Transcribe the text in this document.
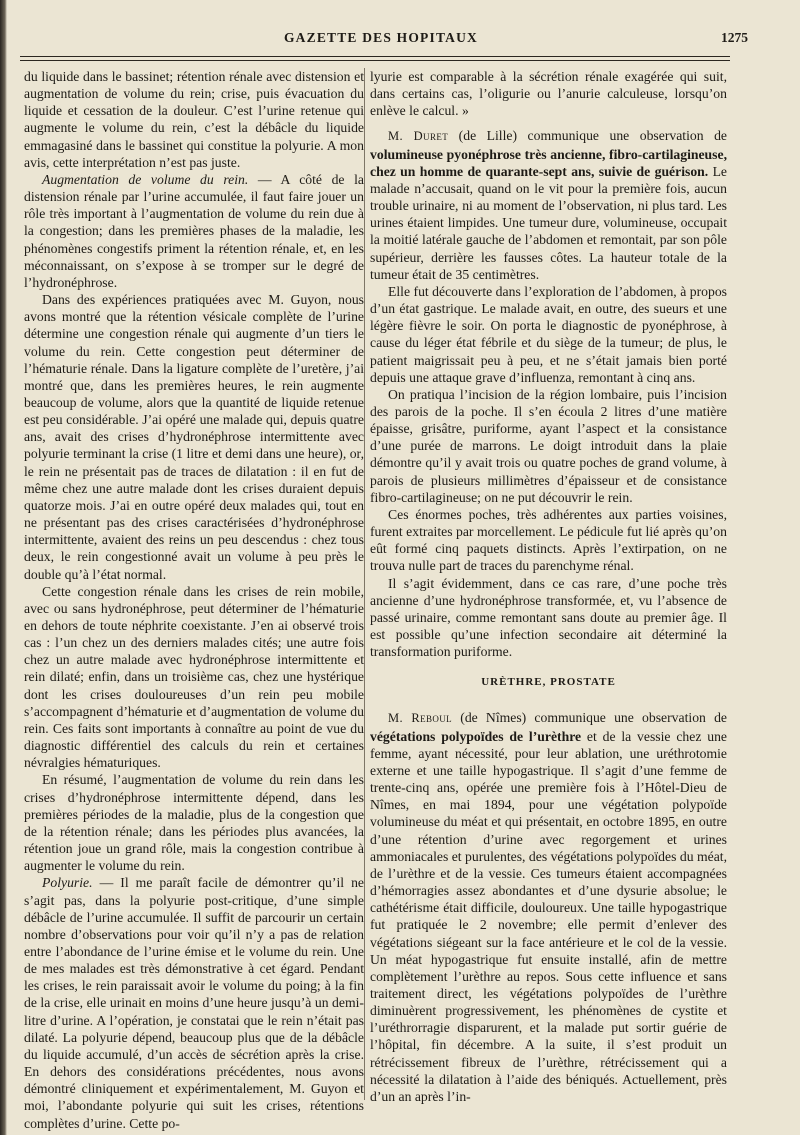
GAZETTE DES HOPITAUX	1275

du liquide dans le bassinet; rétention rénale avec distension et augmentation de volume du rein; crise, puis évacuation du liquide et cessation de la douleur. C’est l’urine retenue qui augmente le volume du rein, c’est la débâcle du liquide emmagasiné dans le bassinet qui constitue la polyurie. A mon avis, cette interprétation n’est pas juste.

Augmentation de volume du rein. — A côté de la distension rénale par l’urine accumulée, il faut faire jouer un rôle très important à l’augmentation de volume du rein due à la congestion; dans les premières phases de la maladie, les phénomènes congestifs priment la rétention rénale, et, en les méconnaissant, on s’expose à se tromper sur le degré de l’hydronéphrose.

Dans des expériences pratiquées avec M. Guyon, nous avons montré que la rétention vésicale complète de l’urine détermine une congestion rénale qui augmente d’un tiers le volume du rein. Cette congestion peut déterminer de l’hématurie rénale. Dans la ligature complète de l’uretère, j’ai montré que, dans les premières heures, le rein augmente beaucoup de volume, alors que la quantité de liquide retenue est peu considérable. J’ai opéré une malade qui, depuis quatre ans, avait des crises d’hydronéphrose intermittente avec polyurie terminant la crise (1 litre et demi dans une heure), or, le rein ne présentait pas de traces de dilatation : il en fut de même chez une autre malade dont les crises duraient depuis quatorze mois. J’ai en outre opéré deux malades qui, tout en ne présentant pas des crises caractérisées d’hydronéphrose intermittente, avaient des reins un peu descendus : chez tous deux, le rein congestionné avait un volume à peu près le double qu’à l’état normal.

Cette congestion rénale dans les crises de rein mobile, avec ou sans hydronéphrose, peut déterminer de l’hématurie en dehors de toute néphrite coexistante. J’en ai observé trois cas : l’un chez un des derniers malades cités; une autre fois chez un autre malade avec hydronéphrose intermittente et rein dilaté; enfin, dans un troisième cas, chez une hystérique dont les crises douloureuses d’un rein peu mobile s’accompagnent d’hématurie et d’augmentation de volume du rein. Ces faits sont importants à connaître au point de vue du diagnostic différentiel des calculs du rein et certaines névralgies hématuriques.

En résumé, l’augmentation de volume du rein dans les crises d’hydronéphrose intermittente dépend, dans les premières périodes de la maladie, plus de la congestion que de la rétention rénale; dans les périodes plus avancées, la rétention joue un grand rôle, mais la congestion contribue à augmenter le volume du rein.

Polyurie. — Il me paraît facile de démontrer qu’il ne s’agit pas, dans la polyurie post-critique, d’une simple débâcle de l’urine accumulée. Il suffit de parcourir un certain nombre d’observations pour voir qu’il n’y a pas de relation entre l’abondance de l’urine émise et le volume du rein. Une de mes malades est très démonstrative à cet égard. Pendant les crises, le rein paraissait avoir le volume du poing; à la fin de la crise, elle urinait en moins d’une heure jusqu’à un demi-litre d’urine. A l’opération, je constatai que le rein n’était pas dilaté. La polyurie dépend, beaucoup plus que de la débâcle du liquide accumulé, d’un accès de sécrétion après la crise. En dehors des considérations précédentes, nous avons démontré cliniquement et expérimentalement, M. Guyon et moi, l’abondante polyurie qui suit les crises, rétentions complètes d’urine. Cette po-

lyurie est comparable à la sécrétion rénale exagérée qui suit, dans certains cas, l’oligurie ou l’anurie calculeuse, lorsqu’on enlève le calcul. »

M. Duret (de Lille) communique une observation de volumineuse pyonéphrose très ancienne, fibro-cartilagineuse, chez un homme de quarante-sept ans, suivie de guérison. Le malade n’accusait, quand on le vit pour la première fois, aucun trouble urinaire, ni au moment de l’observation, ni plus tard. Les urines étaient limpides. Une tumeur dure, volumineuse, occupait la moitié latérale gauche de l’abdomen et remontait, par son pôle supérieur, derrière les fausses côtes. La hauteur totale de la tumeur était de 35 centimètres.

Elle fut découverte dans l’exploration de l’abdomen, à propos d’un état gastrique. Le malade avait, en outre, des sueurs et une légère fièvre le soir. On porta le diagnostic de pyonéphrose, à cause du léger état fébrile et du siège de la tumeur; de plus, le patient maigrissait peu à peu, et ne s’était jamais bien porté depuis une attaque grave d’influenza, remontant à cinq ans.

On pratiqua l’incision de la région lombaire, puis l’incision des parois de la poche. Il s’en écoula 2 litres d’une matière épaisse, grisâtre, puriforme, ayant l’aspect et la consistance d’une purée de marrons. Le doigt introduit dans la plaie démontre qu’il y avait trois ou quatre poches de grand volume, à parois de plusieurs millimètres d’épaisseur et de consistance fibro-cartilagineuse; on ne put découvrir le rein.

Ces énormes poches, très adhérentes aux parties voisines, furent extraites par morcellement. Le pédicule fut lié après qu’on eût formé cinq paquets distincts. Après l’extirpation, on ne trouva nulle part de traces du parenchyme rénal.

Il s’agit évidemment, dans ce cas rare, d’une poche très ancienne d’une hydronéphrose transformée, et, vu l’absence de passé urinaire, comme remontant sans doute au premier âge. Il est possible qu’une infection secondaire ait déterminé la transformation puriforme.

URÈTHRE, PROSTATE

M. Reboul (de Nîmes) communique une observation de végétations polypoïdes de l’urèthre et de la vessie chez une femme, ayant nécessité, pour leur ablation, une uréthrotomie externe et une taille hypogastrique. Il s’agit d’une femme de trente-cinq ans, opérée une première fois à l’Hôtel-Dieu de Nîmes, en mai 1894, pour une végétation polypoïde volumineuse du méat et qui présentait, en octobre 1895, en outre d’une rétention d’urine avec regorgement et urines ammoniacales et purulentes, des végétations polypoïdes du méat, de l’urèthre et de la vessie. Ces tumeurs étaient accompagnées d’hémorragies assez abondantes et d’une dysurie absolue; le cathétérisme était difficile, douloureux. Une taille hypogastrique fut pratiquée le 2 novembre; elle permit d’enlever des végétations siégeant sur la face antérieure et le col de la vessie. Un méat hypogastrique fut ensuite installé, afin de mettre complètement l’urèthre au repos. Sous cette influence et sans traitement direct, les végétations polypoïdes de l’urèthre diminuèrent progressivement, les phénomènes de cystite et l’uréthrorragie disparurent, et la malade put sortir guérie de l’hôpital, fin décembre. A la suite, il s’est produit un rétrécissement fibreux de l’urèthre, rétrécissement qui a nécessité la dilatation à l’aide des béniqués. Actuellement, près d’un an après l’in-
